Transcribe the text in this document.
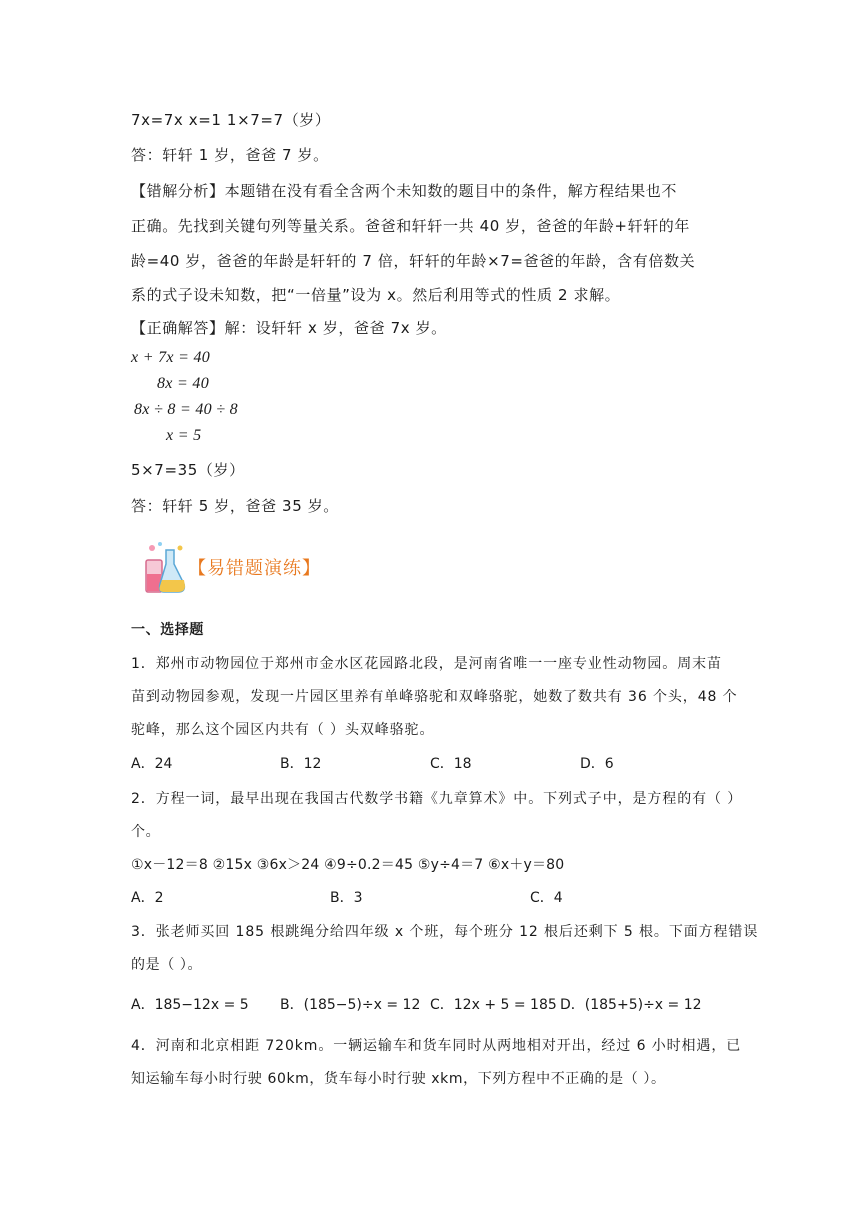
7x=7x x=1 1×7=7（岁）
答：轩轩 1 岁，爸爸 7 岁。
【错解分析】本题错在没有看全含两个未知数的题目中的条件，解方程结果也不
正确。先找到关键句列等量关系。爸爸和轩轩一共 40 岁，爸爸的年龄+轩轩的年
龄=40 岁，爸爸的年龄是轩轩的 7 倍，轩轩的年龄×7=爸爸的年龄，含有倍数关
系的式子设未知数，把“一倍量”设为 x。然后利用等式的性质 2 求解。
【正确解答】解：设轩轩 x 岁，爸爸 7x 岁。
x + 7x = 40
8x = 40
8x ÷ 8 = 40 ÷ 8
x = 5
5×7=35（岁）
答：轩轩 5 岁，爸爸 35 岁。
【易错题演练】
一、选择题
1．郑州市动物园位于郑州市金水区花园路北段，是河南省唯一一座专业性动物园。周末苗
苗到动物园参观，发现一片园区里养有单峰骆驼和双峰骆驼，她数了数共有 36 个头，48 个
驼峰，那么这个园区内共有（ ）头双峰骆驼。
A．24	B．12	C．18	D．6
2．方程一词，最早出现在我国古代数学书籍《九章算术》中。下列式子中，是方程的有（ ）
个。
①x－12＝8 ②15x ③6x＞24 ④9÷0.2＝45 ⑤y÷4＝7 ⑥x＋y＝80
A．2	B．3	C．4
3．张老师买回 185 根跳绳分给四年级 x 个班，每个班分 12 根后还剩下 5 根。下面方程错误
的是（ ）。
A．185−12x = 5 B．(185−5)÷x = 12 C．12x + 5 = 185 D．(185+5)÷x = 12
4．河南和北京相距 720km。一辆运输车和货车同时从两地相对开出，经过 6 小时相遇，已
知运输车每小时行驶 60km，货车每小时行驶 xkm，下列方程中不正确的是（ ）。
